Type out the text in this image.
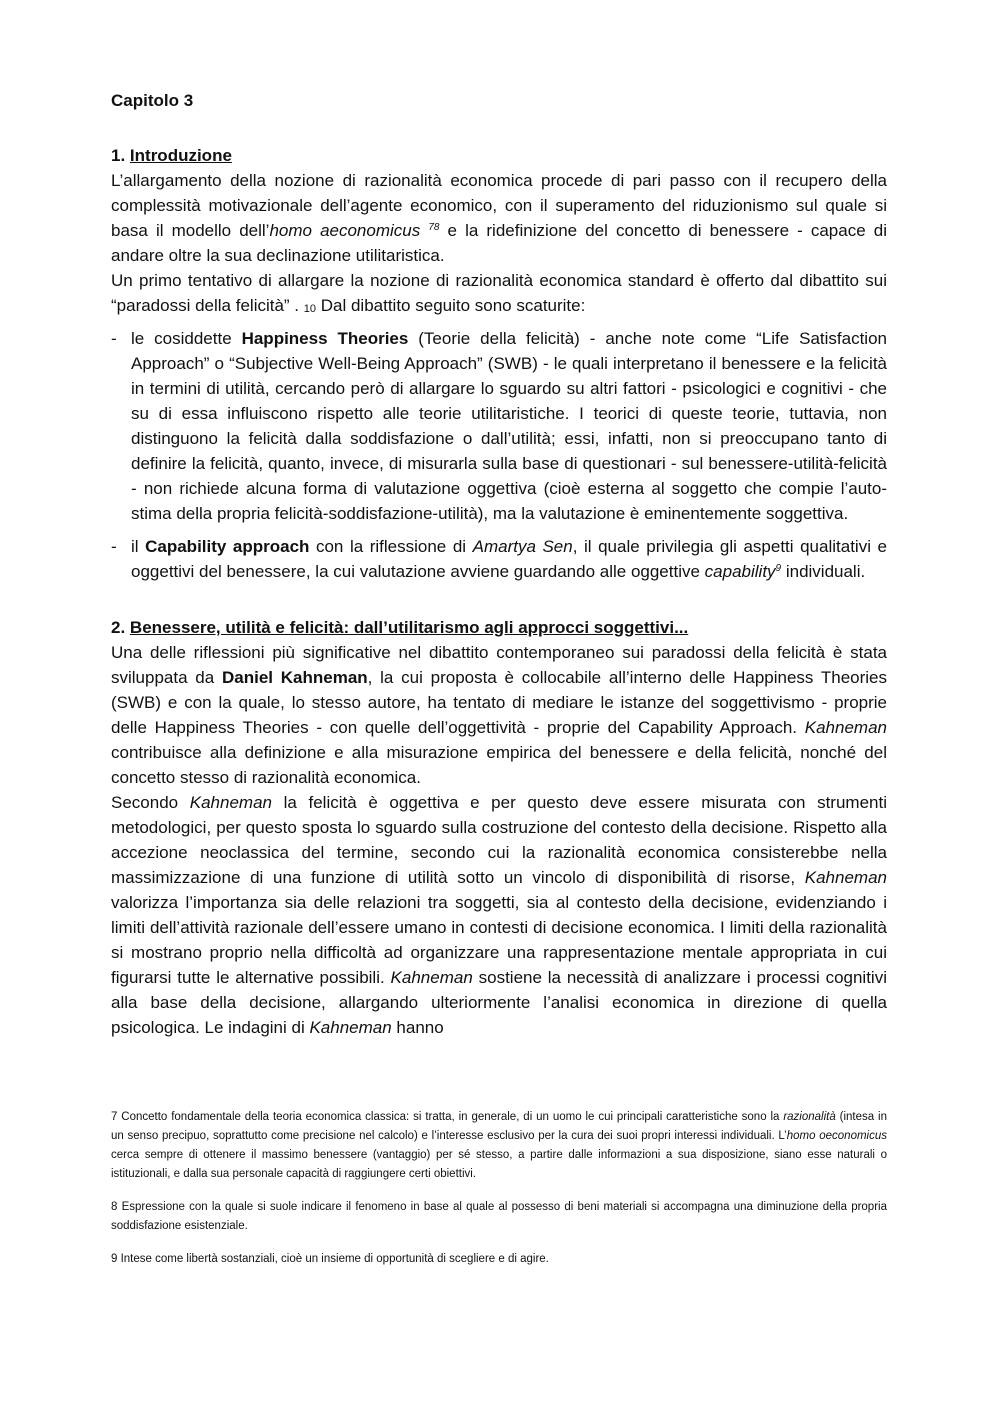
Capitolo 3

1. Introduzione

L’allargamento della nozione di razionalità economica procede di pari passo con il recupero della complessità motivazionale dell’agente economico, con il superamento del riduzionismo sul quale si basa il modello dell’homo aeconomicus $^{78}$ e la ridefinizione del concetto di benessere - capace di andare oltre la sua declinazione utilitaristica.

Un primo tentativo di allargare la nozione di razionalità economica standard è offerto dal dibattito sui “paradossi della felicità” . 10 Dal dibattito seguito sono scaturite:

- le cosiddette Happiness Theories (Teorie della felicità) - anche note come “Life Satisfaction Approach” o “Subjective Well-Being Approach” (SWB) - le quali interpretano il benessere e la felicità in termini di utilità, cercando però di allargare lo sguardo su altri fattori - psicologici e cognitivi - che su di essa influiscono rispetto alle teorie utilitaristiche. I teorici di queste teorie, tuttavia, non distinguono la felicità dalla soddisfazione o dall’utilità; essi, infatti, non si preoccupano tanto di definire la felicità, quanto, invece, di misurarla sulla base di questionari - sul benessere-utilità-felicità - non richiede alcuna forma di valutazione oggettiva (cioè esterna al soggetto che compie l’auto-stima della propria felicità-soddisfazione-utilità), ma la valutazione è eminentemente soggettiva.
- il Capability approach con la riflessione di Amartya Sen, il quale privilegia gli aspetti qualitativi e oggettivi del benessere, la cui valutazione avviene guardando alle oggettive capability$^9$ individuali.

2. Benessere, utilità e felicità: dall’utilitarismo agli approcci soggettivi...

Una delle riflessioni più significative nel dibattito contemporaneo sui paradossi della felicità è stata sviluppata da Daniel Kahneman, la cui proposta è collocabile all’interno delle Happiness Theories (SWB) e con la quale, lo stesso autore, ha tentato di mediare le istanze del soggettivismo - proprie delle Happiness Theories - con quelle dell’oggettività - proprie del Capability Approach. Kahneman contribuisce alla definizione e alla misurazione empirica del benessere e della felicità, nonché del concetto stesso di razionalità economica.

Secondo Kahneman la felicità è oggettiva e per questo deve essere misurata con strumenti metodologici, per questo sposta lo sguardo sulla costruzione del contesto della decisione. Rispetto alla accezione neoclassica del termine, secondo cui la razionalità economica consisterebbe nella massimizzazione di una funzione di utilità sotto un vincolo di disponibilità di risorse, Kahneman valorizza l’importanza sia delle relazioni tra soggetti, sia al contesto della decisione, evidenziando i limiti dell’attività razionale dell’essere umano in contesti di decisione economica. I limiti della razionalità si mostrano proprio nella difficoltà ad organizzare una rappresentazione mentale appropriata in cui figurarsi tutte le alternative possibili. Kahneman sostiene la necessità di analizzare i processi cognitivi alla base della decisione, allargando ulteriormente l’analisi economica in direzione di quella psicologica. Le indagini di Kahneman hanno

7 Concetto fondamentale della teoria economica classica: si tratta, in generale, di un uomo le cui principali caratteristiche sono la razionalità (intesa in un senso precipuo, soprattutto come precisione nel calcolo) e l’interesse esclusivo per la cura dei suoi propri interessi individuali. L’homo oeconomicus cerca sempre di ottenere il massimo benessere (vantaggio) per sé stesso, a partire dalle informazioni a sua disposizione, siano esse naturali o istituzionali, e dalla sua personale capacità di raggiungere certi obiettivi.

8 Espressione con la quale si suole indicare il fenomeno in base al quale al possesso di beni materiali si accompagna una diminuzione della propria soddisfazione esistenziale.

9 Intese come libertà sostanziali, cioè un insieme di opportunità di scegliere e di agire.
